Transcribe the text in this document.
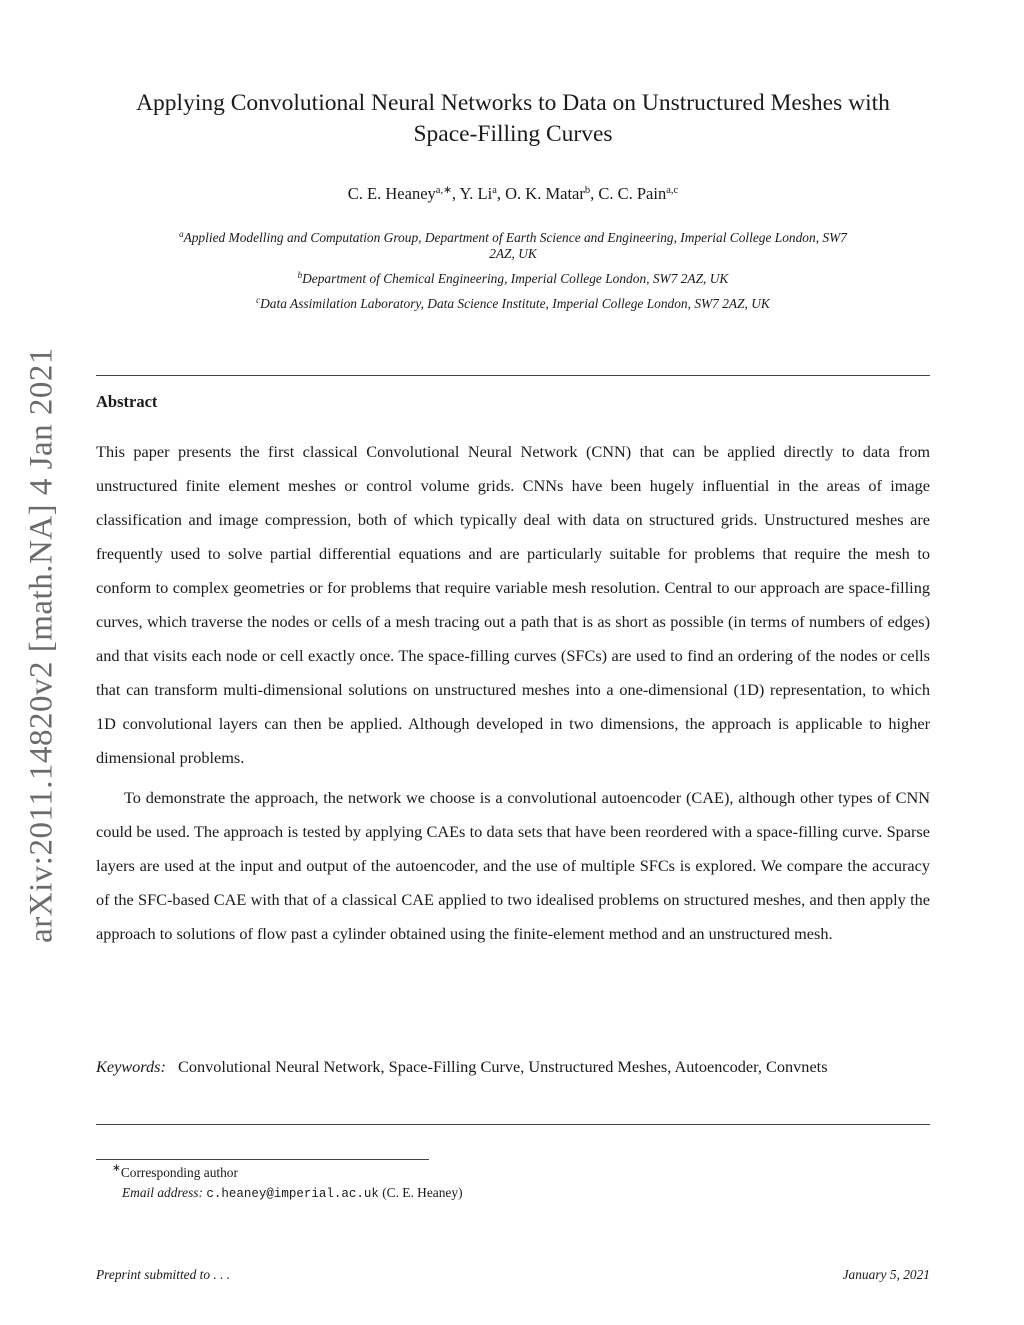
arXiv:2011.14820v2 [math.NA] 4 Jan 2021
Applying Convolutional Neural Networks to Data on Unstructured Meshes with
Space-Filling Curves
C. E. Heaney$^{a,∗}$, Y. Li$^a$, O. K. Matar$^b$, C. C. Pain$^{a,c}$
$^a$Applied Modelling and Computation Group, Department of Earth Science and Engineering, Imperial College London, SW7
2AZ, UK
$^b$Department of Chemical Engineering, Imperial College London, SW7 2AZ, UK
$^c$Data Assimilation Laboratory, Data Science Institute, Imperial College London, SW7 2AZ, UK
Abstract

This paper presents the first classical Convolutional Neural Network (CNN) that can be applied directly to data from unstructured finite element meshes or control volume grids. CNNs have been hugely influential in the areas of image classification and image compression, both of which typically deal with data on structured grids. Unstructured meshes are frequently used to solve partial differential equations and are particularly suitable for problems that require the mesh to conform to complex geometries or for problems that require variable mesh resolution. Central to our approach are space-filling curves, which traverse the nodes or cells of a mesh tracing out a path that is as short as possible (in terms of numbers of edges) and that visits each node or cell exactly once. The space-filling curves (SFCs) are used to find an ordering of the nodes or cells that can transform multi-dimensional solutions on unstructured meshes into a one-dimensional (1D) representation, to which 1D convolutional layers can then be applied. Although developed in two dimensions, the approach is applicable to higher dimensional problems.

To demonstrate the approach, the network we choose is a convolutional autoencoder (CAE), although other types of CNN could be used. The approach is tested by applying CAEs to data sets that have been reordered with a space-filling curve. Sparse layers are used at the input and output of the autoencoder, and the use of multiple SFCs is explored. We compare the accuracy of the SFC-based CAE with that of a classical CAE applied to two idealised problems on structured meshes, and then apply the approach to solutions of flow past a cylinder obtained using the finite-element method and an unstructured mesh.

Keywords: Convolutional Neural Network, Space-Filling Curve, Unstructured Meshes, Autoencoder, Convnets
∗Corresponding author
Email address: c.heaney@imperial.ac.uk (C. E. Heaney)
Preprint submitted to . . .	January 5, 2021
